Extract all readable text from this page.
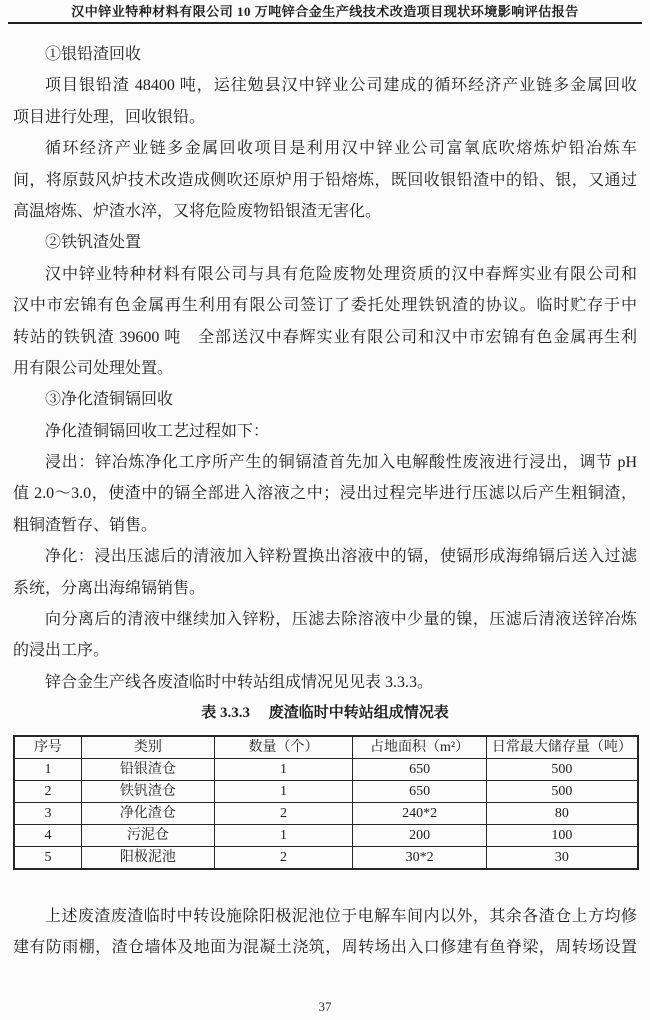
汉中锌业特种材料有限公司 10 万吨锌合金生产线技术改造项目现状环境影响评估报告
①银铅渣回收
项目银铅渣 48400 吨，运往勉县汉中锌业公司建成的循环经济产业链多金属回收
项目进行处理，回收银铅。
循环经济产业链多金属回收项目是利用汉中锌业公司富氧底吹熔炼炉铅冶炼车
间，将原鼓风炉技术改造成侧吹还原炉用于铅熔炼，既回收银铅渣中的铅、银，又通过
高温熔炼、炉渣水淬，又将危险废物铅银渣无害化。
②铁钒渣处置
汉中锌业特种材料有限公司与具有危险废物处理资质的汉中春辉实业有限公司和
汉中市宏锦有色金属再生利用有限公司签订了委托处理铁钒渣的协议。临时贮存于中
转站的铁钒渣 39600 吨　全部送汉中春辉实业有限公司和汉中市宏锦有色金属再生利
用有限公司处理处置。
③净化渣铜镉回收
净化渣铜镉回收工艺过程如下：
浸出：锌冶炼净化工序所产生的铜镉渣首先加入电解酸性废液进行浸出，调节 pH
值 2.0～3.0，使渣中的镉全部进入溶液之中；浸出过程完毕进行压滤以后产生粗铜渣，
粗铜渣暂存、销售。
净化：浸出压滤后的清液加入锌粉置换出溶液中的镉，使镉形成海绵镉后送入过滤
系统，分离出海绵镉销售。
向分离后的清液中继续加入锌粉，压滤去除溶液中少量的镍，压滤后清液送锌冶炼
的浸出工序。
锌合金生产线各废渣临时中转站组成情况见见表 3.3.3。
表 3.3.3　 废渣临时中转站组成情况表
序号	类别	数量（个）	占地面积（m²）	日常最大储存量（吨）
1	铅银渣仓	1	650	500
2	铁钒渣仓	1	650	500
3	净化渣仓	2	240*2	80
4	污泥仓	1	200	100
5	阳极泥池	2	30*2	30
上述废渣废渣临时中转设施除阳极泥池位于电解车间内以外，其余各渣仓上方均修
建有防雨棚，渣仓墙体及地面为混凝土浇筑，周转场出入口修建有鱼脊梁，周转场设置
37
